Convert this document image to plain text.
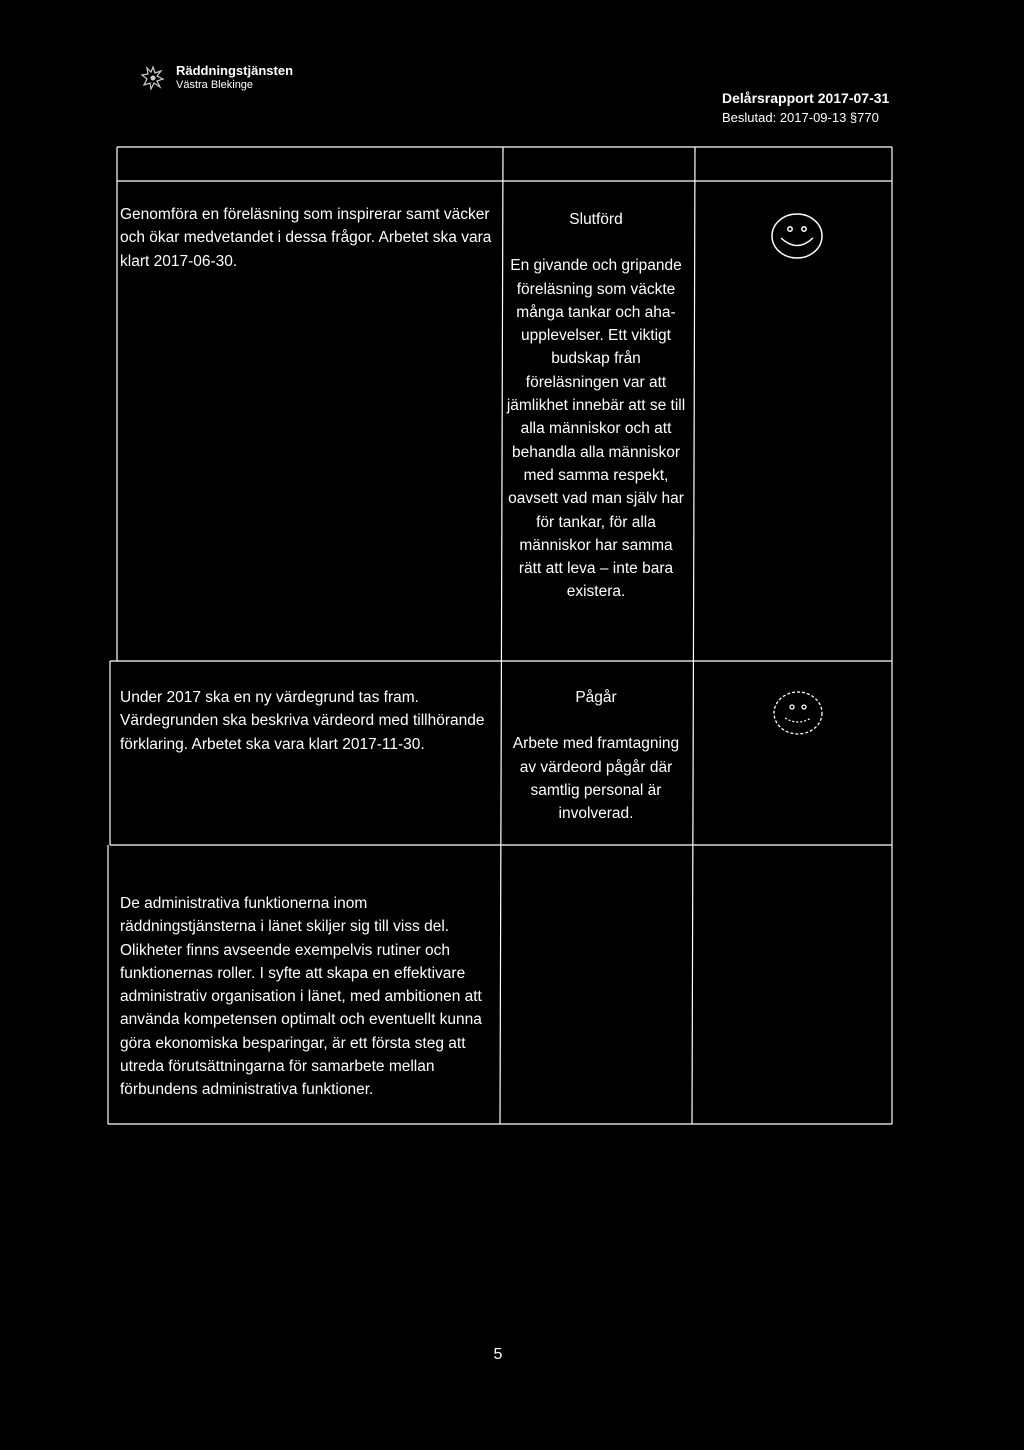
Räddningstjänsten
Västra Blekinge
Delårsrapport 2017-07-31
Beslutad: 2017-09-13 §770
Genomföra en föreläsning som inspirerar samt väcker och ökar medvetandet i dessa frågor. Arbetet ska vara klart 2017-06-30.
Slutförd
En givande och gripande föreläsning som väckte många tankar och aha-upplevelser. Ett viktigt budskap från föreläsningen var att jämlikhet innebär att se till alla människor och att behandla alla människor med samma respekt, oavsett vad man själv har för tankar, för alla människor har samma rätt att leva – inte bara existera.
Under 2017 ska en ny värdegrund tas fram. Värdegrunden ska beskriva värdeord med tillhörande förklaring. Arbetet ska vara klart 2017-11-30.
Pågår
Arbete med framtagning av värdeord pågår där samtlig personal är involverad.
De administrativa funktionerna inom räddningstjänsterna i länet skiljer sig till viss del. Olikheter finns avseende exempelvis rutiner och funktionernas roller. I syfte att skapa en effektivare administrativ organisation i länet, med ambitionen att använda kompetensen optimalt och eventuellt kunna göra ekonomiska besparingar, är ett första steg att utreda förutsättningarna för samarbete mellan förbundens administrativa funktioner.
5
